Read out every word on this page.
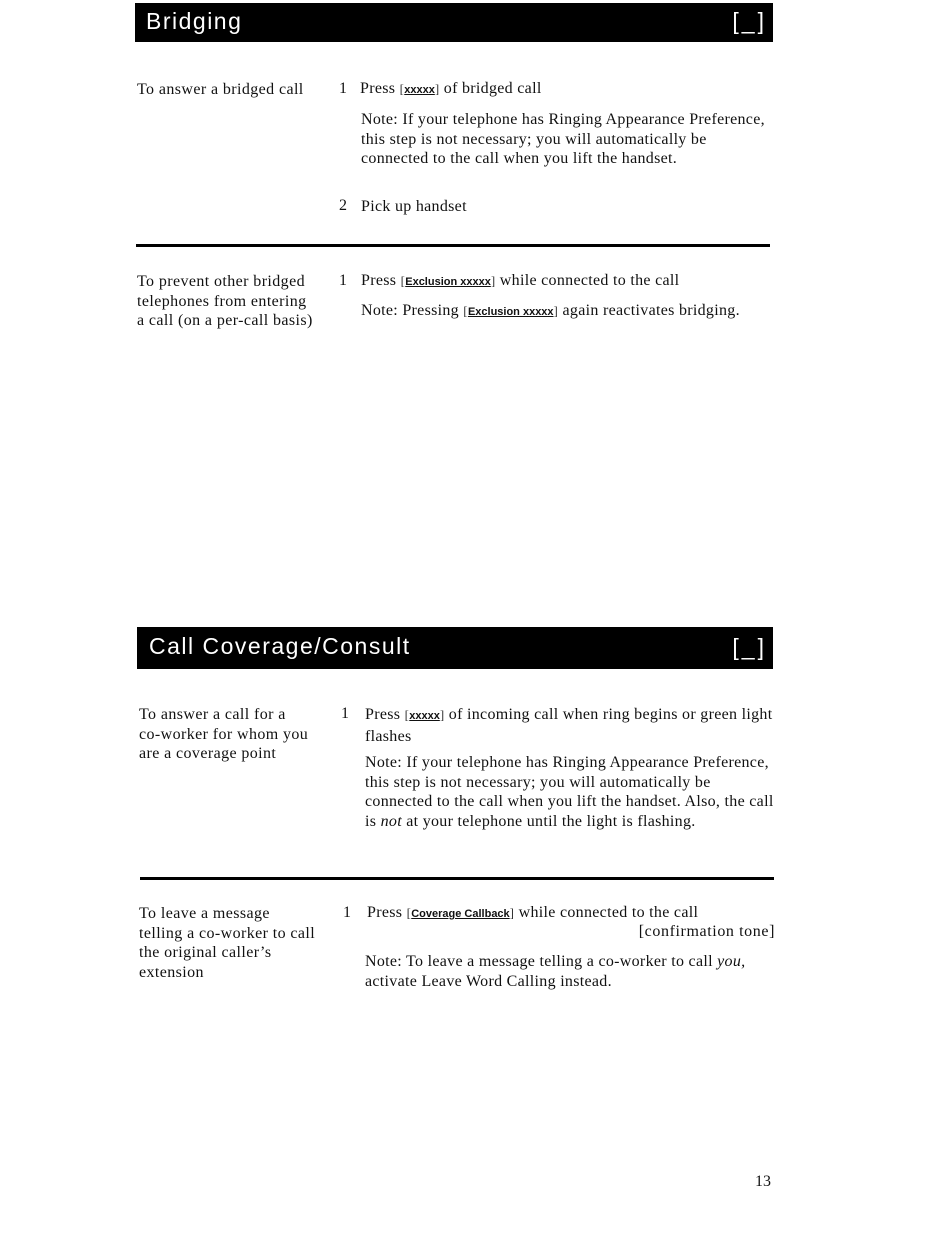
Bridging	[_]
To answer a bridged call 1 Press [xxxxx] of bridged call
Note: If your telephone has Ringing Appearance Preference, this step is not necessary; you will automatically be connected to the call when you lift the handset.
2 Pick up handset
To prevent other bridged telephones from entering a call (on a per-call basis)
1 Press [Exclusion xxxxx] while connected to the call
Note: Pressing [Exclusion xxxxx] again reactivates bridging.
Call Coverage/Consult	[_]
To answer a call for a co-worker for whom you are a coverage point
1 Press [xxxxx] of incoming call when ring begins or green light flashes
Note: If your telephone has Ringing Appearance Preference, this step is not necessary; you will automatically be connected to the call when you lift the handset. Also, the call is not at your telephone until the light is flashing.
To leave a message telling a co-worker to call the original caller’s extension
1 Press [Coverage Callback] while connected to the call
[confirmation tone]
Note: To leave a message telling a co-worker to call you, activate Leave Word Calling instead.
13
